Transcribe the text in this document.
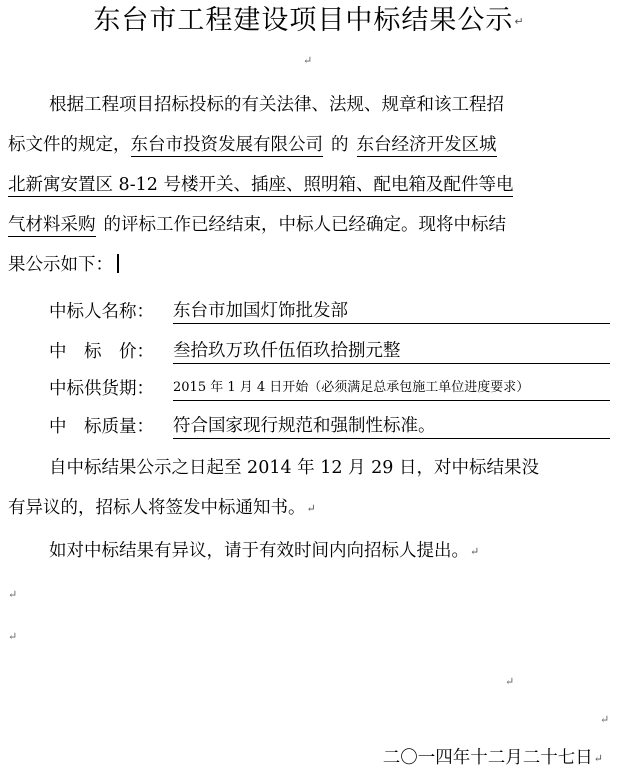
东台市工程建设项目中标结果公示↵
↵
根据工程项目招标投标的有关法律、法规、规章和该工程招
标文件的规定，东台市投资发展有限公司 的 东台经济开发区城
北新寓安置区 8-12 号楼开关、插座、照明箱、配电箱及配件等电
气材料采购 的评标工作已经结束，中标人已经确定。现将中标结
果公示如下：
中标人名称： 东台市加国灯饰批发部
中　标　价： 叁拾玖万玖仟伍佰玖拾捌元整
中标供货期： 2015 年 1 月 4 日开始（必须满足总承包施工单位进度要求）
中　标质量： 符合国家现行规范和强制性标准。
自中标结果公示之日起至 2014 年 12 月 29 日，对中标结果没
有异议的，招标人将签发中标通知书。↵
如对中标结果有异议，请于有效时间内向招标人提出。↵
↵
↵
↵
↵
二〇一四年十二月二十七日↵
